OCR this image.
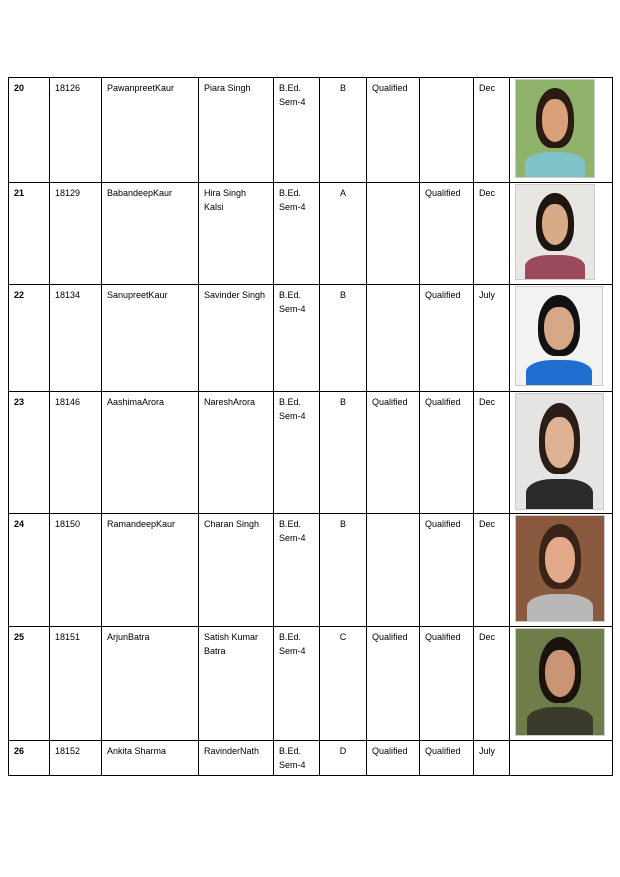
20	18126	PawanpreetKaur	Piara Singh	B.Ed. Sem-4	B	Qualified		Dec	

21	18129	BabandeepKaur	Hira Singh Kalsi	B.Ed. Sem-4	A		Qualified	Dec	

22	18134	SanupreetKaur	Savinder Singh	B.Ed. Sem-4	B		Qualified	July	

23	18146	AashimaArora	NareshArora	B.Ed. Sem-4	B	Qualified	Qualified	Dec	

24	18150	RamandeepKaur	Charan Singh	B.Ed. Sem-4	B		Qualified	Dec	

25	18151	ArjunBatra	Satish Kumar Batra	B.Ed. Sem-4	C	Qualified	Qualified	Dec	

26	18152	Ankita Sharma	RavinderNath	B.Ed. Sem-4	D	Qualified	Qualified	July	
